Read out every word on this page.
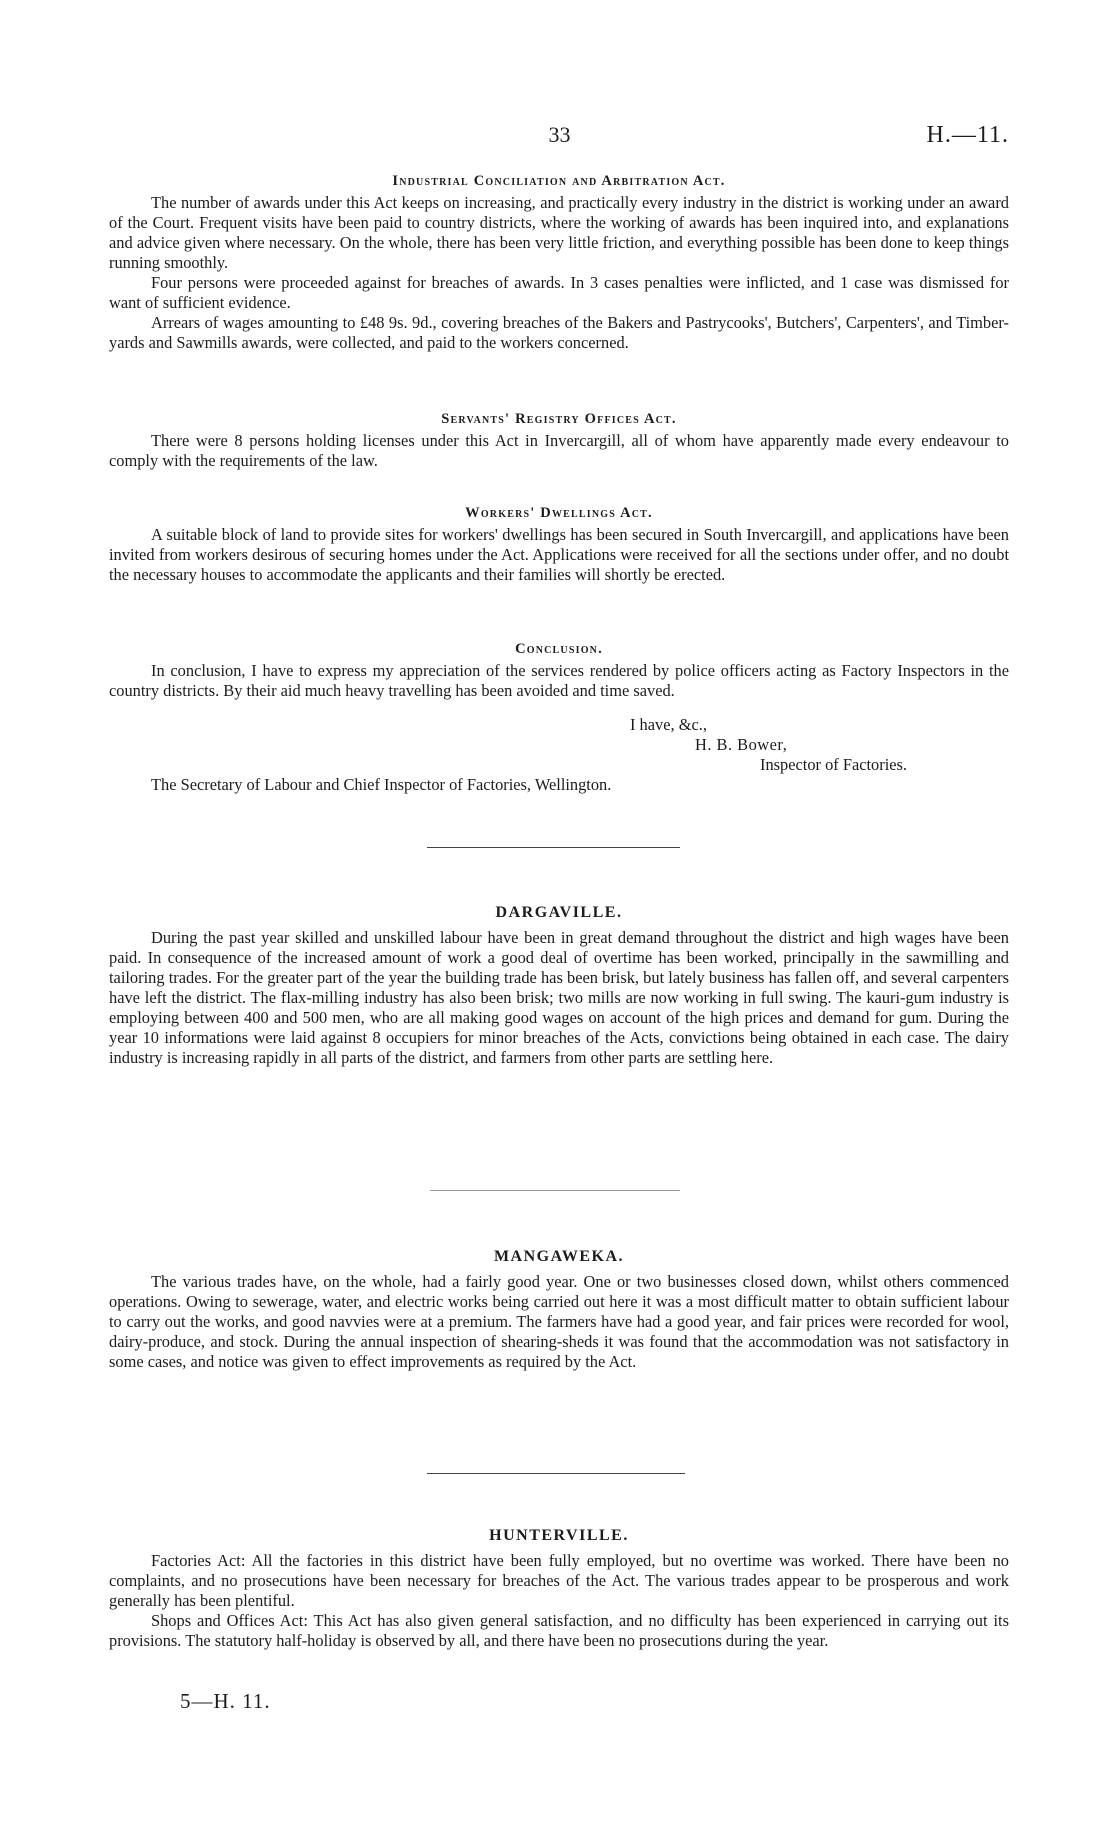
33	H.—11.
Industrial Conciliation and Arbitration Act.

The number of awards under this Act keeps on increasing, and practically every industry in the district is working under an award of the Court. Frequent visits have been paid to country districts, where the working of awards has been inquired into, and explanations and advice given where necessary. On the whole, there has been very little friction, and everything possible has been done to keep things running smoothly.

Four persons were proceeded against for breaches of awards. In 3 cases penalties were inflicted, and 1 case was dismissed for want of sufficient evidence.

Arrears of wages amounting to £48 9s. 9d., covering breaches of the Bakers and Pastrycooks', Butchers', Carpenters', and Timber-yards and Sawmills awards, were collected, and paid to the workers concerned.

Servants' Registry Offices Act.

There were 8 persons holding licenses under this Act in Invercargill, all of whom have apparently made every endeavour to comply with the requirements of the law.

Workers' Dwellings Act.

A suitable block of land to provide sites for workers' dwellings has been secured in South Invercargill, and applications have been invited from workers desirous of securing homes under the Act. Applications were received for all the sections under offer, and no doubt the necessary houses to accommodate the applicants and their families will shortly be erected.

Conclusion.

In conclusion, I have to express my appreciation of the services rendered by police officers acting as Factory Inspectors in the country districts. By their aid much heavy travelling has been avoided and time saved.

I have, &c.,
H. B. Bower,
Inspector of Factories.
The Secretary of Labour and Chief Inspector of Factories, Wellington.
DARGAVILLE.

During the past year skilled and unskilled labour have been in great demand throughout the district and high wages have been paid. In consequence of the increased amount of work a good deal of overtime has been worked, principally in the sawmilling and tailoring trades. For the greater part of the year the building trade has been brisk, but lately business has fallen off, and several carpenters have left the district. The flax-milling industry has also been brisk; two mills are now working in full swing. The kauri-gum industry is employing between 400 and 500 men, who are all making good wages on account of the high prices and demand for gum. During the year 10 informations were laid against 8 occupiers for minor breaches of the Acts, convictions being obtained in each case. The dairy industry is increasing rapidly in all parts of the district, and farmers from other parts are settling here.

MANGAWEKA.

The various trades have, on the whole, had a fairly good year. One or two businesses closed down, whilst others commenced operations. Owing to sewerage, water, and electric works being carried out here it was a most difficult matter to obtain sufficient labour to carry out the works, and good navvies were at a premium. The farmers have had a good year, and fair prices were recorded for wool, dairy-produce, and stock. During the annual inspection of shearing-sheds it was found that the accommodation was not satisfactory in some cases, and notice was given to effect improvements as required by the Act.

HUNTERVILLE.

Factories Act: All the factories in this district have been fully employed, but no overtime was worked. There have been no complaints, and no prosecutions have been necessary for breaches of the Act. The various trades appear to be prosperous and work generally has been plentiful.

Shops and Offices Act: This Act has also given general satisfaction, and no difficulty has been experienced in carrying out its provisions. The statutory half-holiday is observed by all, and there have been no prosecutions during the year.

5—H. 11.
